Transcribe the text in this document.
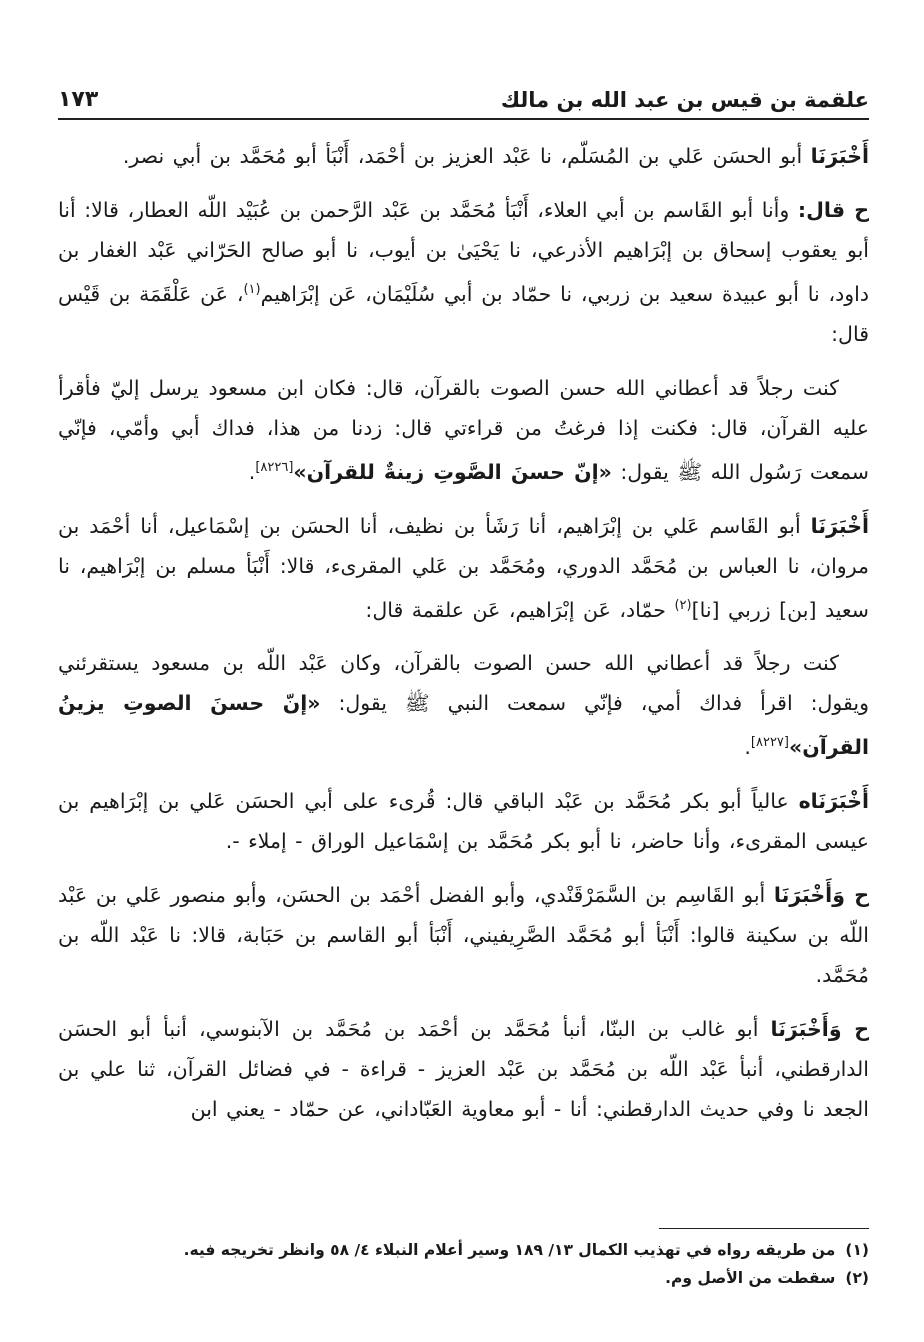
علقمة بن قيس بن عبد الله بن مالك
١٧٣

أَخْبَرَنَا أبو الحسَن عَلي بن المُسَلّم، نا عَبْد العزيز بن أحْمَد، أَنْبَأ أبو مُحَمَّد بن أبي نصر.

ح قال: وأنا أبو القَاسم بن أبي العلاء، أَنْبَأ مُحَمَّد بن عَبْد الرَّحمن بن عُبَيْد اللّه العطار، قالا: أنا أبو يعقوب إسحاق بن إبْرَاهيم الأذرعي، نا يَحْيَىٰ بن أيوب، نا أبو صالح الحَرّاني عَبْد الغفار بن داود، نا أبو عبيدة سعيد بن زربي، نا حمّاد بن أبي سُلَيْمَان، عَن إبْرَاهيم$^{(١)}$، عَن عَلْقَمَة بن قَيْس قال:

كنت رجلاً قد أعطاني الله حسن الصوت بالقرآن، قال: فكان ابن مسعود يرسل إليّ فأقرأ عليه القرآن، قال: فكنت إذا فرغتُ من قراءتي قال: زدنا من هذا، فداك أبي وأمّي، فإنّي سمعت رَسُول الله ﷺ يقول: «إنّ حسنَ الصَّوتِ زينةٌ للقرآن»[٨٢٢٦].

أَخْبَرَنَا أبو القَاسم عَلي بن إبْرَاهيم، أنا رَشَأ بن نظيف، أنا الحسَن بن إسْمَاعيل، أنا أحْمَد بن مروان، نا العباس بن مُحَمَّد الدوري، ومُحَمَّد بن عَلي المقرىء، قالا: أَنْبَأ مسلم بن إبْرَاهيم، نا سعيد [بن] زربي [نا]$^{(٢)}$ حمّاد، عَن إبْرَاهيم، عَن علقمة قال:

كنت رجلاً قد أعطاني الله حسن الصوت بالقرآن، وكان عَبْد اللّه بن مسعود يستقرئني ويقول: اقرأ فداك أمي، فإنّي سمعت النبي ﷺ يقول: «إنّ حسنَ الصوتِ يزينُ القرآن»[٨٢٢٧].

أَخْبَرَنَاه عالياً أبو بكر مُحَمَّد بن عَبْد الباقي قال: قُرىء على أبي الحسَن عَلي بن إبْرَاهيم بن عيسى المقرىء، وأنا حاضر، نا أبو بكر مُحَمَّد بن إسْمَاعيل الوراق - إملاء -.

ح وَأَخْبَرَنَا أبو القَاسِم بن السَّمَرْقَنْدي، وأبو الفضل أحْمَد بن الحسَن، وأبو منصور عَلي بن عَبْد اللّه بن سكينة قالوا: أَنْبَأ أبو مُحَمَّد الصَّرِيفيني، أَنْبَأ أبو القاسم بن حَبَابة، قالا: نا عَبْد اللّه بن مُحَمَّد.

ح وَأَخْبَرَنَا أبو غالب بن البنّا، أنبأ مُحَمَّد بن أحْمَد بن مُحَمَّد بن الآبنوسي، أنبأ أبو الحسَن الدارقطني، أنبأ عَبْد اللّه بن مُحَمَّد بن عَبْد العزيز - قراءة - في فضائل القرآن، ثنا علي بن الجعد نا وفي حديث الدارقطني: أنا - أبو معاوية العَبّاداني، عن حمّاد - يعني ابن

(١)من طريقه رواه في تهذيب الكمال ١٣/ ١٨٩ وسير أعلام النبلاء ٤/ ٥٨ وانظر تخريجه فيه.
(٢)سقطت من الأصل وم.
